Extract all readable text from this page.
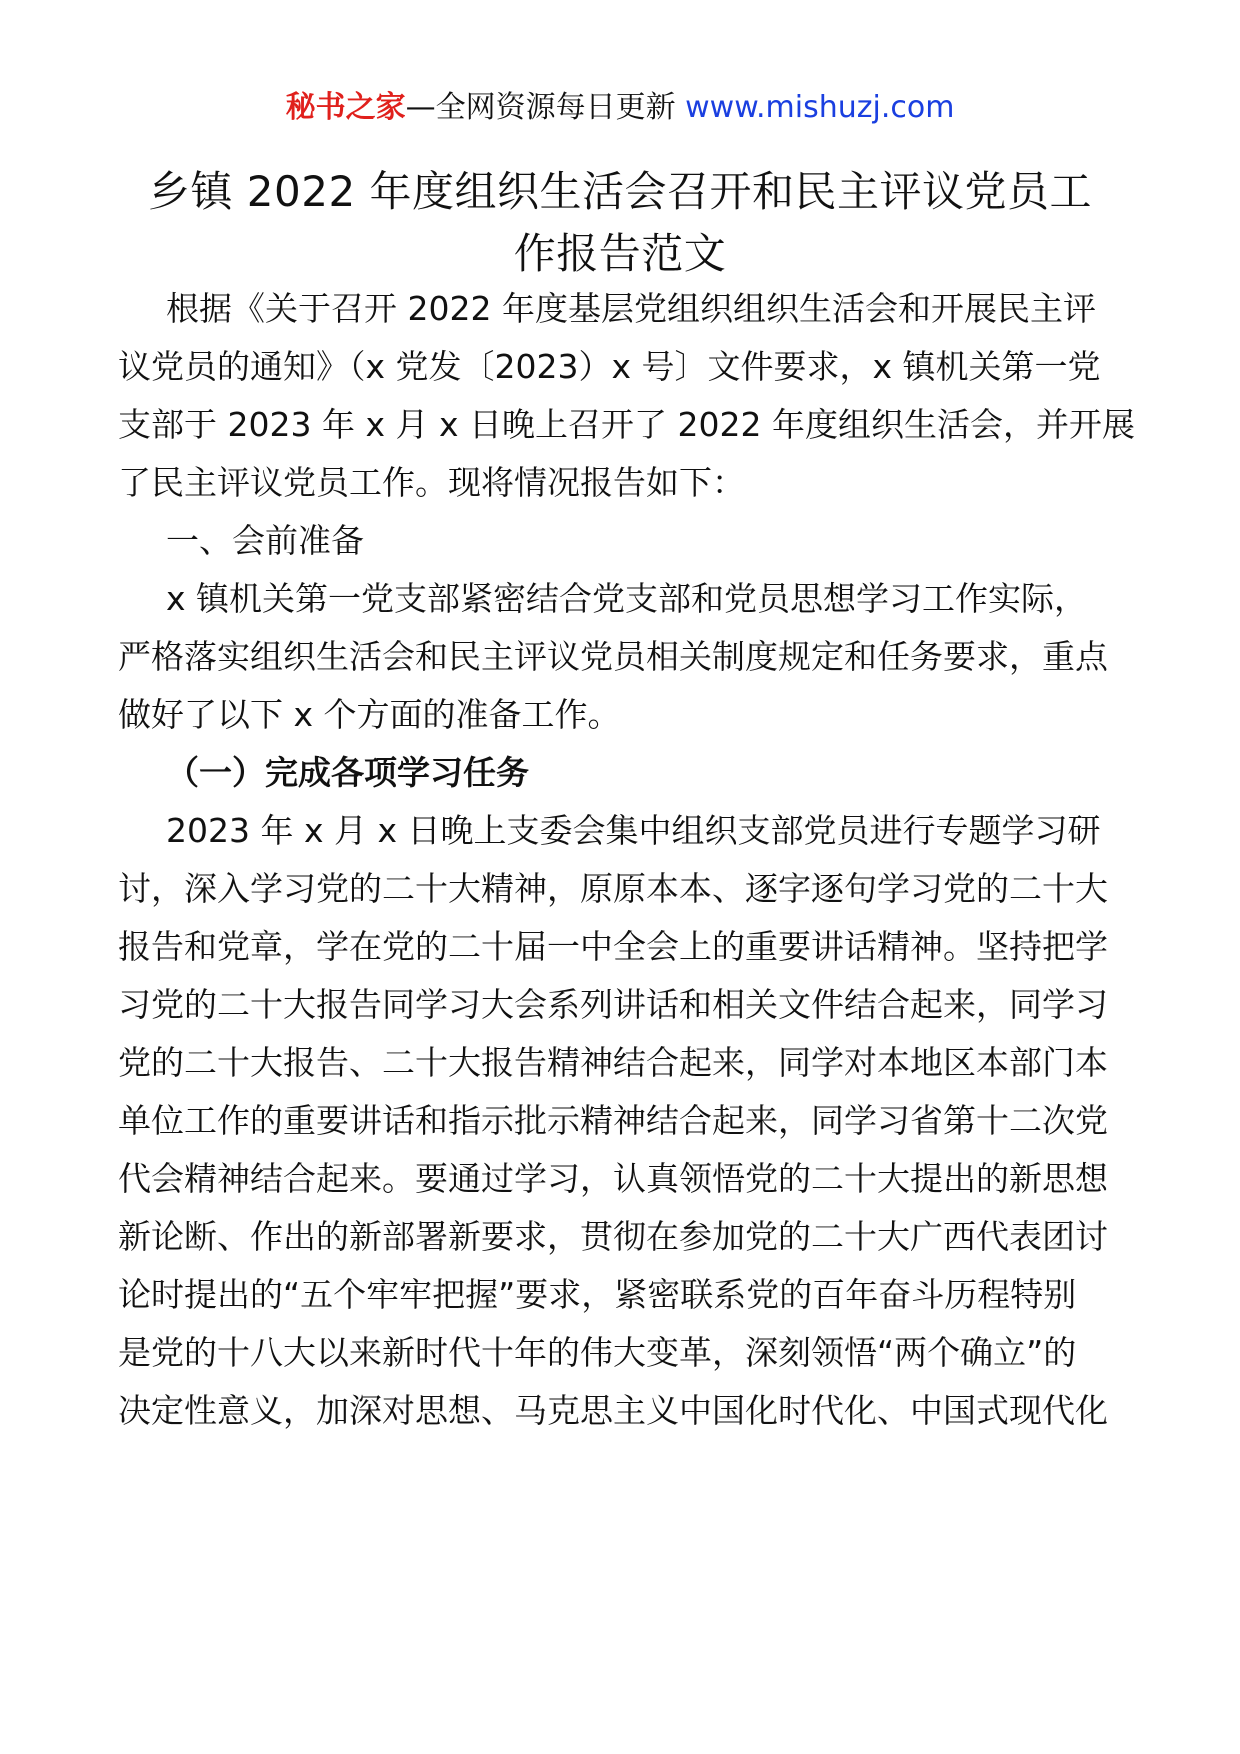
秘书之家—全网资源每日更新 www.mishuzj.com
乡镇 2022 年度组织生活会召开和民主评议党员工
作报告范文
根据《关于召开 2022 年度基层党组织组织生活会和开展民主评
议党员的通知》（x 党发〔2023）x 号〕文件要求，x 镇机关第一党
支部于 2023 年 x 月 x 日晚上召开了 2022 年度组织生活会，并开展
了民主评议党员工作。现将情况报告如下：
一、会前准备
x 镇机关第一党支部紧密结合党支部和党员思想学习工作实际，
严格落实组织生活会和民主评议党员相关制度规定和任务要求，重点
做好了以下 x 个方面的准备工作。
（一）完成各项学习任务
2023 年 x 月 x 日晚上支委会集中组织支部党员进行专题学习研
讨，深入学习党的二十大精神，原原本本、逐字逐句学习党的二十大
报告和党章，学在党的二十届一中全会上的重要讲话精神。坚持把学
习党的二十大报告同学习大会系列讲话和相关文件结合起来，同学习
党的二十大报告、二十大报告精神结合起来，同学对本地区本部门本
单位工作的重要讲话和指示批示精神结合起来，同学习省第十二次党
代会精神结合起来。要通过学习，认真领悟党的二十大提出的新思想
新论断、作出的新部署新要求，贯彻在参加党的二十大广西代表团讨
论时提出的“五个牢牢把握”要求，紧密联系党的百年奋斗历程特别
是党的十八大以来新时代十年的伟大变革，深刻领悟“两个确立”的
决定性意义，加深对思想、马克思主义中国化时代化、中国式现代化
